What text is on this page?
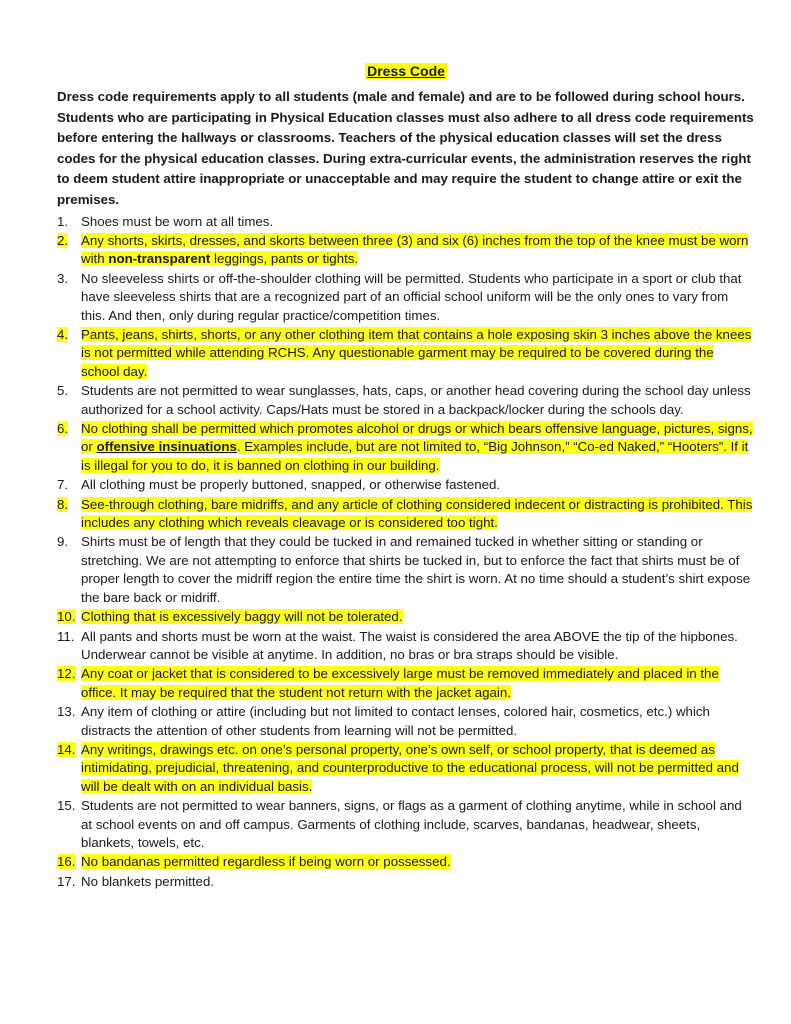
Dress Code
Dress code requirements apply to all students (male and female) and are to be followed during school hours. Students who are participating in Physical Education classes must also adhere to all dress code requirements before entering the hallways or classrooms. Teachers of the physical education classes will set the dress codes for the physical education classes. During extra-curricular events, the administration reserves the right to deem student attire inappropriate or unacceptable and may require the student to change attire or exit the premises.
1. Shoes must be worn at all times.
2. Any shorts, skirts, dresses, and skorts between three (3) and six (6) inches from the top of the knee must be worn with non-transparent leggings, pants or tights.
3. No sleeveless shirts or off-the-shoulder clothing will be permitted. Students who participate in a sport or club that have sleeveless shirts that are a recognized part of an official school uniform will be the only ones to vary from this. And then, only during regular practice/competition times.
4. Pants, jeans, shirts, shorts, or any other clothing item that contains a hole exposing skin 3 inches above the knees is not permitted while attending RCHS. Any questionable garment may be required to be covered during the school day.
5. Students are not permitted to wear sunglasses, hats, caps, or another head covering during the school day unless authorized for a school activity. Caps/Hats must be stored in a backpack/locker during the schools day.
6. No clothing shall be permitted which promotes alcohol or drugs or which bears offensive language, pictures, signs, or offensive insinuations. Examples include, but are not limited to, “Big Johnson,” “Co-ed Naked,” “Hooters”. If it is illegal for you to do, it is banned on clothing in our building.
7. All clothing must be properly buttoned, snapped, or otherwise fastened.
8. See-through clothing, bare midriffs, and any article of clothing considered indecent or distracting is prohibited. This includes any clothing which reveals cleavage or is considered too tight.
9. Shirts must be of length that they could be tucked in and remained tucked in whether sitting or standing or stretching. We are not attempting to enforce that shirts be tucked in, but to enforce the fact that shirts must be of proper length to cover the midriff region the entire time the shirt is worn. At no time should a student’s shirt expose the bare back or midriff.
10. Clothing that is excessively baggy will not be tolerated.
11. All pants and shorts must be worn at the waist. The waist is considered the area ABOVE the tip of the hipbones. Underwear cannot be visible at anytime. In addition, no bras or bra straps should be visible.
12. Any coat or jacket that is considered to be excessively large must be removed immediately and placed in the office. It may be required that the student not return with the jacket again.
13. Any item of clothing or attire (including but not limited to contact lenses, colored hair, cosmetics, etc.) which distracts the attention of other students from learning will not be permitted.
14. Any writings, drawings etc. on one’s personal property, one’s own self, or school property, that is deemed as intimidating, prejudicial, threatening, and counterproductive to the educational process, will not be permitted and will be dealt with on an individual basis.
15. Students are not permitted to wear banners, signs, or flags as a garment of clothing anytime, while in school and at school events on and off campus. Garments of clothing include, scarves, bandanas, headwear, sheets, blankets, towels, etc.
16. No bandanas permitted regardless if being worn or possessed.
17. No blankets permitted.
